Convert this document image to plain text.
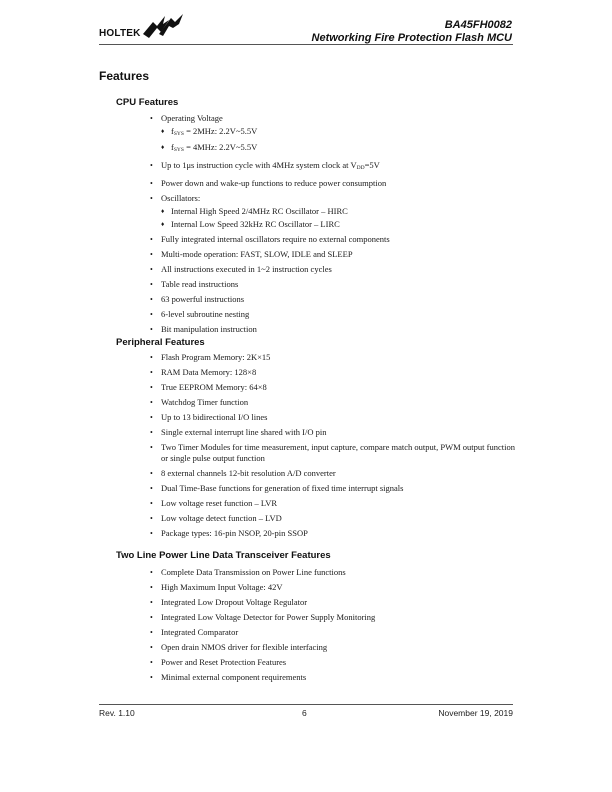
HOLTEK
BA45FH0082
Networking Fire Protection Flash MCU
Features
CPU Features
• Operating Voltage
♦ $f_{SYS} = 2MHz$: 2.2V~5.5V
♦ $f_{SYS} = 4MHz$: 2.2V~5.5V
• Up to 1μs instruction cycle with 4MHz system clock at $V_{DD}=5V$
• Power down and wake-up functions to reduce power consumption
• Oscillators:
♦ Internal High Speed 2/4MHz RC Oscillator – HIRC
♦ Internal Low Speed 32kHz RC Oscillator – LIRC
• Fully integrated internal oscillators require no external components
• Multi-mode operation: FAST, SLOW, IDLE and SLEEP
• All instructions executed in 1~2 instruction cycles
• Table read instructions
• 63 powerful instructions
• 6-level subroutine nesting
• Bit manipulation instruction
Peripheral Features
• Flash Program Memory: 2K×15
• RAM Data Memory: 128×8
• True EEPROM Memory: 64×8
• Watchdog Timer function
• Up to 13 bidirectional I/O lines
• Single external interrupt line shared with I/O pin
• Two Timer Modules for time measurement, input capture, compare match output, PWM output function or single pulse output function
• 8 external channels 12-bit resolution A/D converter
• Dual Time-Base functions for generation of fixed time interrupt signals
• Low voltage reset function – LVR
• Low voltage detect function – LVD
• Package types: 16-pin NSOP, 20-pin SSOP
Two Line Power Line Data Transceiver Features
• Complete Data Transmission on Power Line functions
• High Maximum Input Voltage: 42V
• Integrated Low Dropout Voltage Regulator
• Integrated Low Voltage Detector for Power Supply Monitoring
• Integrated Comparator
• Open drain NMOS driver for flexible interfacing
• Power and Reset Protection Features
• Minimal external component requirements
Rev. 1.10	6	November 19, 2019
